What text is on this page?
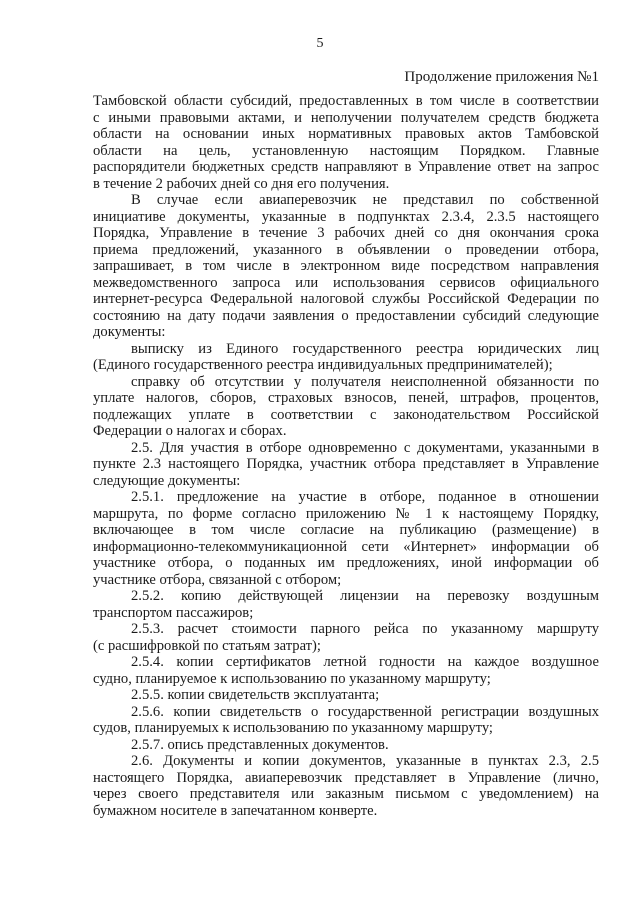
5
Продолжение приложения №1
Тамбовской области субсидий, предоставленных в том числе в соответствии
с иными правовыми актами, и неполучении получателем средств бюджета
области на основании иных нормативных правовых актов Тамбовской
области на цель, установленную настоящим Порядком. Главные
распорядители бюджетных средств направляют в Управление ответ на запрос
в течение 2 рабочих дней со дня его получения.
В случае если авиаперевозчик не представил по собственной
инициативе документы, указанные в подпунктах 2.3.4, 2.3.5 настоящего
Порядка, Управление в течение 3 рабочих дней со дня окончания срока
приема предложений, указанного в объявлении о проведении отбора,
запрашивает, в том числе в электронном виде посредством направления
межведомственного запроса или использования сервисов официального
интернет-ресурса Федеральной налоговой службы Российской Федерации по
состоянию на дату подачи заявления о предоставлении субсидий следующие
документы:
выписку из Единого государственного реестра юридических лиц
(Единого государственного реестра индивидуальных предпринимателей);
справку об отсутствии у получателя неисполненной обязанности по
уплате налогов, сборов, страховых взносов, пеней, штрафов, процентов,
подлежащих уплате в соответствии с законодательством Российской
Федерации о налогах и сборах.
2.5. Для участия в отборе одновременно с документами, указанными в
пункте 2.3 настоящего Порядка, участник отбора представляет в Управление
следующие документы:
2.5.1. предложение на участие в отборе, поданное в отношении
маршрута, по форме согласно приложению № 1 к настоящему Порядку,
включающее в том числе согласие на публикацию (размещение) в
информационно-телекоммуникационной сети «Интернет» информации об
участнике отбора, о поданных им предложениях, иной информации об
участнике отбора, связанной с отбором;
2.5.2. копию действующей лицензии на перевозку воздушным
транспортом пассажиров;
2.5.3. расчет стоимости парного рейса по указанному маршруту
(с расшифровкой по статьям затрат);
2.5.4. копии сертификатов летной годности на каждое воздушное
судно, планируемое к использованию по указанному маршруту;
2.5.5. копии свидетельств эксплуатанта;
2.5.6. копии свидетельств о государственной регистрации воздушных
судов, планируемых к использованию по указанному маршруту;
2.5.7. опись представленных документов.
2.6. Документы и копии документов, указанные в пунктах 2.3, 2.5
настоящего Порядка, авиаперевозчик представляет в Управление (лично,
через своего представителя или заказным письмом с уведомлением) на
бумажном носителе в запечатанном конверте.
